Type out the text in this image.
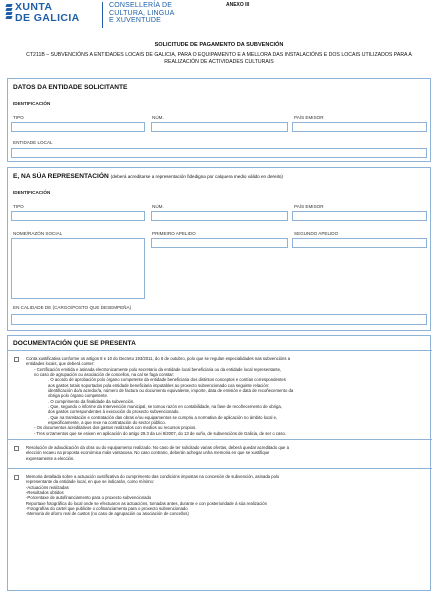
XUNTA
DE GALICIA
CONSELLERÍA DE
CULTURA, LINGUA
E XUVENTUDE
ANEXO III
SOLICITUDE DE PAGAMENTO DA SUBVENCIÓN
CT211B – SUBVENCIÓNS A ENTIDADES LOCAIS DE GALICIA, PARA O EQUIPAMENTO E A MELLORA DAS INSTALACIÓNS E DOS LOCAIS UTILIZADOS PARA A REALIZACIÓN DE ACTIVIDADES CULTURAIS
DATOS DA ENTIDADE SOLICITANTE
IDENTIFICACIÓN
TIPO	NÚM.	PAÍS EMISOR
ENTIDADE LOCAL
E, NA SÚA REPRESENTACIÓN (deberá acreditarse a representación fidedigna por calquera medio válido en dereito)
IDENTIFICACIÓN
TIPO	NÚM.	PAÍS EMISOR
NOME/RAZÓN SOCIAL	PRIMEIRO APELIDO	SEGUNDO APELIDO
EN CALIDADE DE (CARGO/POSTO QUE DESEMPEÑA)
DOCUMENTACIÓN QUE SE PRESENTA
Conta xustificativa conforme os artigos 8 e 10 do Decreto 193/2011, do 6 de outubro, polo que se regulan especialidades nas subvencións a
entidades locais, que deberá conter:
- Certificación emitida e asinada electronicamente polo secretario da entidade local beneficiaria ou da entidade local representante,
no caso de agrupación ou asociación de concellos, na cal se faga constar:
. O acordo de aprobación polo órgano competente da entidade beneficiaria dos distintos conceptos e contías correspondentes
aos gastos totais soportados pola entidade beneficiaria imputables ao proxecto subvencionado coa seguinte relación:
identificación do/a acredor/a, número de factura ou documento equivalente, importe, data de emisión e data de recoñecemento da
obriga polo órgano competente.
. O cumprimento da finalidade da subvención.
. Que, segundo o informe da Intervención municipal, se tomou razón en contabilidade, na fase de recoñecemento de obriga,
dos gastos correspondentes á execución do proxecto subvencionado.
. Que na tramitación e contratación das obras e/ou equipamentos se cumpriu a normativa de aplicación no ámbito local e,
especificamente, a que rexe na contratación do sector público.
- Os documentos acreditativos dos gastos realizados con medios ou recursos propios.
- Tres orzamentos que se esixen en aplicación do artigo 29.3 da Lei 9/2007, do 13 de xuño, de subvencións de Galicia, de ser o caso.
Resolución de adxudicación da obra ou do equipamento realizado. No caso de ter solicitado varias ofertas, deberá quedar acreditado que a
elección recaeu na proposta económica máis vantaxosa. No caso contrario, deberán achegar unha memoria en que se xustifique
expresamente a elección.
Memoria detallada sobre a actuación xustificativa do cumprimento das condicións impostas na concesión de subvención, asinada polo
representante da entidade local, en que se indicarán, como mínimo:
-Actuacións realizadas
-Resultados obtidos
-Porcentaxe de autofinanciamento para o proxecto subvencionado
Reportaxe fotográfica do local onde se efectuaron as actuacións, tomadas antes, durante e con posterioridade á súa realización
-Fotografías do cartel que publicite o cofinanciamento para o proxecto subvencionado
-Memoria de aforro real de custos (no caso de agrupación ou asociación de concellos)
